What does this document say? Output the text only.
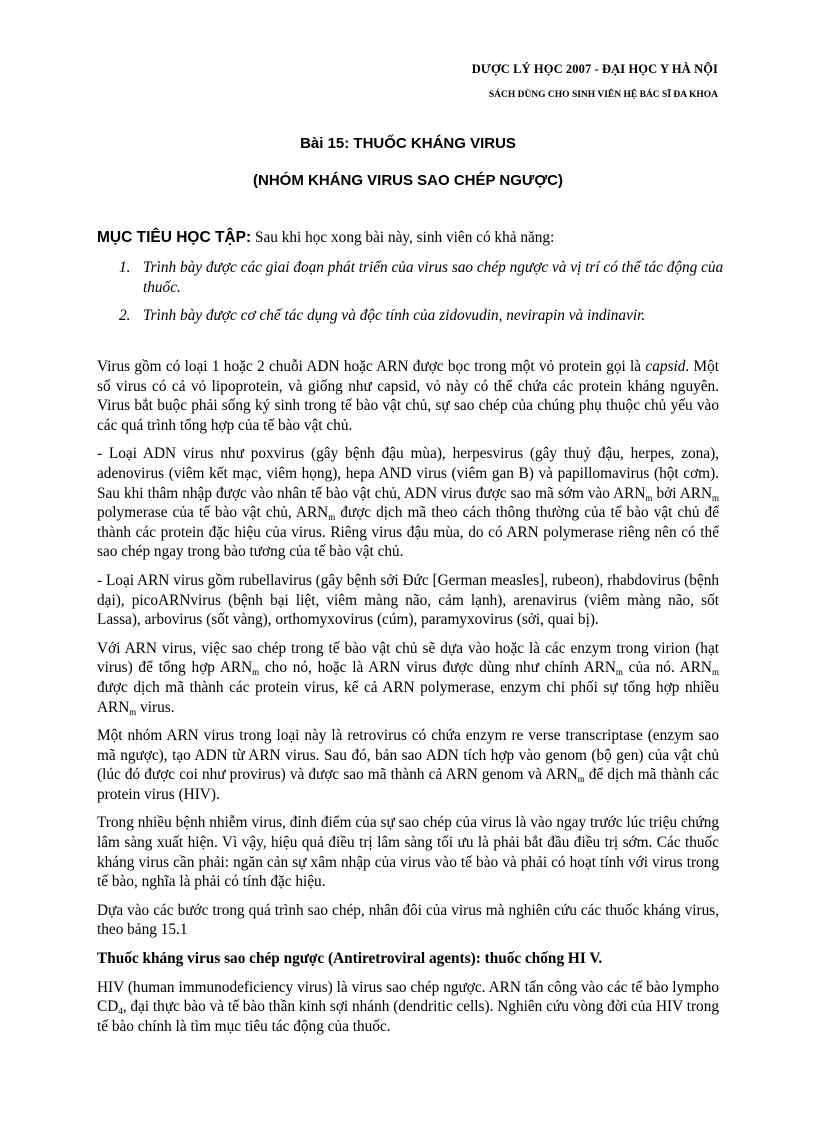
DƯỢC LÝ HỌC 2007 - ĐẠI HỌC Y HÀ NỘI
SÁCH DÙNG CHO SINH VIÊN HỆ BÁC SĨ ĐA KHOA
Bài 15: THUỐC KHÁNG VIRUS
(NHÓM KHÁNG VIRUS SAO CHÉP NGƯỢC)
MỤC TIÊU HỌC TẬP: Sau khi học xong bài này, sinh viên có khả năng:
1. Trình bày được các giai đoạn phát triển của virus sao chép ngược và vị trí có thể tác động của thuốc.
2. Trình bày được cơ chế tác dụng và độc tính của zidovudin, nevirapin và indinavir.

Virus gồm có loại 1 hoặc 2 chuỗi ADN hoặc ARN được bọc trong một vỏ protein gọi là capsid. Một số virus có cả vỏ lipoprotein, và giống như capsid, vỏ này có thể chứa các protein kháng nguyên. Virus bắt buộc phải sống ký sinh trong tế bào vật chủ, sự sao chép của chúng phụ thuộc chủ yếu vào các quá trình tổng hợp của tế bào vật chủ.

- Loại ADN virus như poxvirus (gây bệnh đậu mùa), herpesvirus (gây thuỷ đậu, herpes, zona), adenovirus (viêm kết mạc, viêm họng), hepa AND virus (viêm gan B) và papillomavirus (hột cơm). Sau khi thâm nhập được vào nhân tế bào vật chủ, ADN virus được sao mã sớm vào $ARN_m$ bởi $ARN_m$ polymerase của tế bào vật chủ, $ARN_m$ được dịch mã theo cách thông thường của tế bào vật chủ để thành các protein đặc hiệu của virus. Riêng virus đậu mùa, do có ARN polymerase riêng nên có thể sao chép ngay trong bào tương của tế bào vật chủ.

- Loại ARN virus gồm rubellavirus (gây bệnh sởi Đức [German measles], rubeon), rhabdovirus (bệnh dại), picoARNvirus (bệnh bại liệt, viêm màng não, cảm lạnh), arenavirus (viêm màng não, sốt Lassa), arbovirus (sốt vàng), orthomyxovirus (cúm), paramyxovirus (sởi, quai bị).

Với ARN virus, việc sao chép trong tế bào vật chủ sẽ dựa vào hoặc là các enzym trong virion (hạt virus) để tổng hợp $ARN_m$ cho nó, hoặc là ARN virus được dùng như chính $ARN_m$ của nó. $ARN_m$ được dịch mã thành các protein virus, kể cả ARN polymerase, enzym chi phối sự tổng hợp nhiều $ARN_m$ virus.

Một nhóm ARN virus trong loại này là retrovirus có chứa enzym re verse transcriptase (enzym sao mã ngược), tạo ADN từ ARN virus. Sau đó, bản sao ADN tích hợp vào genom (bộ gen) của vật chủ (lúc đó được coi như provirus) và được sao mã thành cả ARN genom và $ARN_m$ để dịch mã thành các protein virus (HIV).

Trong nhiều bệnh nhiễm virus, đỉnh điểm của sự sao chép của virus là vào ngay trước lúc triệu chứng lâm sàng xuất hiện. Vì vậy, hiệu quả điều trị lâm sàng tối ưu là phải bắt đầu điều trị sớm. Các thuốc kháng virus cần phải: ngăn cản sự xâm nhập của virus vào tế bào và phải có hoạt tính với virus trong tế bào, nghĩa là phải có tính đặc hiệu.

Dựa vào các bước trong quá trình sao chép, nhân đôi của virus mà nghiên cứu các thuốc kháng virus, theo bảng 15.1

Thuốc kháng virus sao chép ngược (Antiretroviral agents): thuốc chống HI V.

HIV (human immunodeficiency virus) là virus sao chép ngược. ARN tấn công vào các tế bào lympho $CD_4$, đại thực bào và tế bào thần kinh sợi nhánh (dendritic cells). Nghiên cứu vòng đời của HIV trong tế bào chính là tìm mục tiêu tác động của thuốc.
